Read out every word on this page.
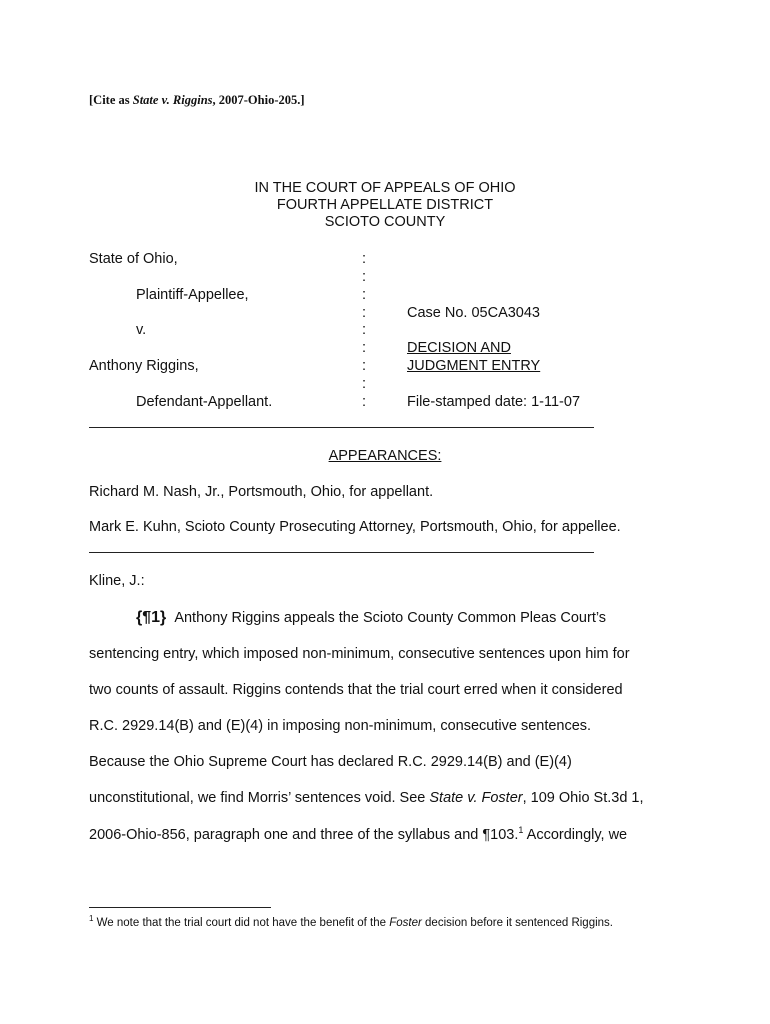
[Cite as State v. Riggins, 2007-Ohio-205.]
IN THE COURT OF APPEALS OF OHIO
FOURTH APPELLATE DISTRICT
SCIOTO COUNTY
State of Ohio,
Plaintiff-Appellee,
v.
Anthony Riggins,
Defendant-Appellant.
:
:
:
:
:
:
:
:
:
Case No. 05CA3043
DECISION AND
JUDGMENT ENTRY
File-stamped date: 1-11-07
APPEARANCES:
Richard M. Nash, Jr., Portsmouth, Ohio, for appellant.
Mark E. Kuhn, Scioto County Prosecuting Attorney, Portsmouth, Ohio, for appellee.
Kline, J.:
{¶1} Anthony Riggins appeals the Scioto County Common Pleas Court’s
sentencing entry, which imposed non-minimum, consecutive sentences upon him for
two counts of assault. Riggins contends that the trial court erred when it considered
R.C. 2929.14(B) and (E)(4) in imposing non-minimum, consecutive sentences.
Because the Ohio Supreme Court has declared R.C. 2929.14(B) and (E)(4)
unconstitutional, we find Morris’ sentences void. See State v. Foster, 109 Ohio St.3d 1,
2006-Ohio-856, paragraph one and three of the syllabus and ¶103.$^1$ Accordingly, we
$^1$ We note that the trial court did not have the benefit of the Foster decision before it sentenced Riggins.
